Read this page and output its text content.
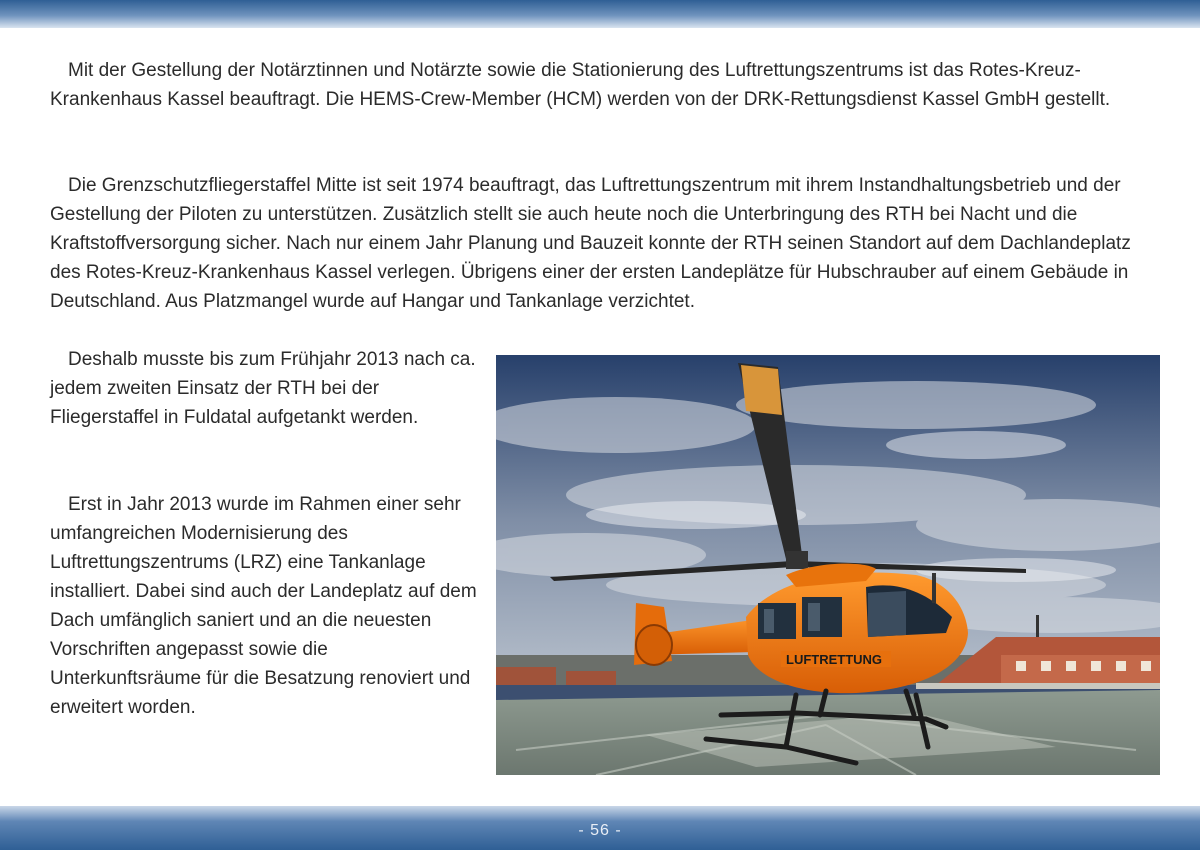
Mit der Gestellung der Notärztinnen und Notärzte sowie die Stationierung des Luftrettungszentrums ist das Rotes-Kreuz-Krankenhaus Kassel beauftragt. Die HEMS-Crew-Member (HCM) werden von der DRK-Rettungsdienst Kassel GmbH gestellt.

Die Grenzschutzfliegerstaffel Mitte ist seit 1974 beauftragt, das Luftrettungszentrum mit ihrem Instandhaltungsbetrieb und der Gestellung der Piloten zu unterstützen. Zusätzlich stellt sie auch heute noch die Unterbringung des RTH bei Nacht und die Kraftstoffversorgung sicher. Nach nur einem Jahr Planung und Bauzeit konnte der RTH seinen Standort auf dem Dachlandeplatz des Rotes-Kreuz-Krankenhaus Kassel verlegen. Übrigens einer der ersten Landeplätze für Hubschrauber auf einem Gebäude in Deutschland. Aus Platzmangel wurde auf Hangar und Tankanlage verzichtet.

Deshalb musste bis zum Frühjahr 2013 nach ca. jedem zweiten Einsatz der RTH bei der Fliegerstaffel in Fuldatal aufgetankt werden.

Erst in Jahr 2013 wurde im Rahmen einer sehr umfangreichen Modernisierung des Luftrettungszentrums (LRZ) eine Tankanlage installiert. Dabei sind auch der Landeplatz auf dem Dach umfänglich saniert und an die neuesten Vorschriften angepasst sowie die Unterkunftsräume für die Besatzung renoviert und erweitert worden.

LUFTRETTUNG
- 56 -
